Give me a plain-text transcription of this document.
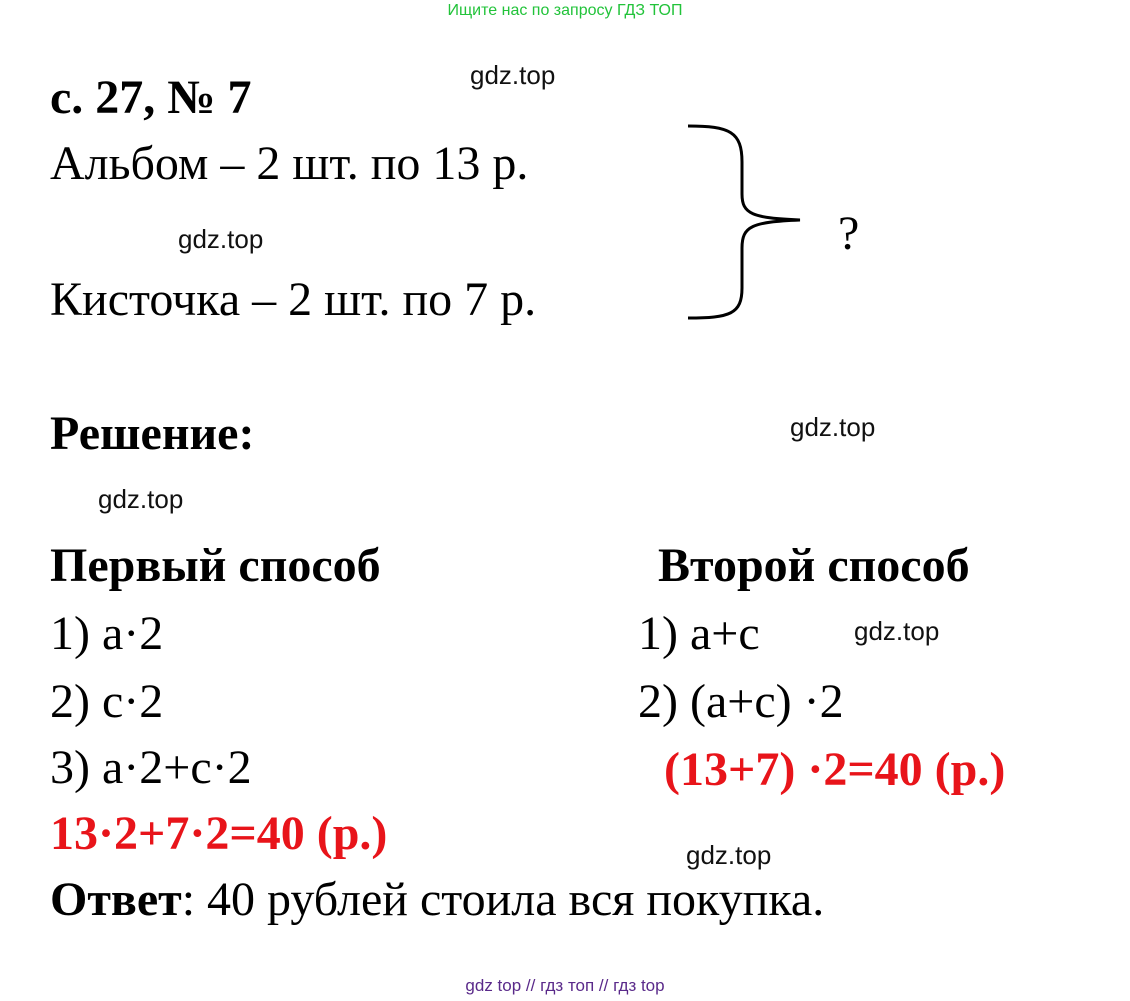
Ищите нас по запросу ГДЗ ТОП
gdz.top
gdz.top
gdz.top
gdz.top
gdz.top
gdz.top
с. 27, № 7
Альбом – 2 шт. по 13 р.
Кисточка – 2 шт. по 7 р.
?
Решение:
Первый способ
1) a·2
2) c·2
3) a·2+c·2
13·2+7·2=40 (р.)
Второй способ
1) a+c
2) (a+c) ·2
(13+7) ·2=40 (р.)
Ответ: 40 рублей стоила вся покупка.
gdz top // гдз топ // гдз top
